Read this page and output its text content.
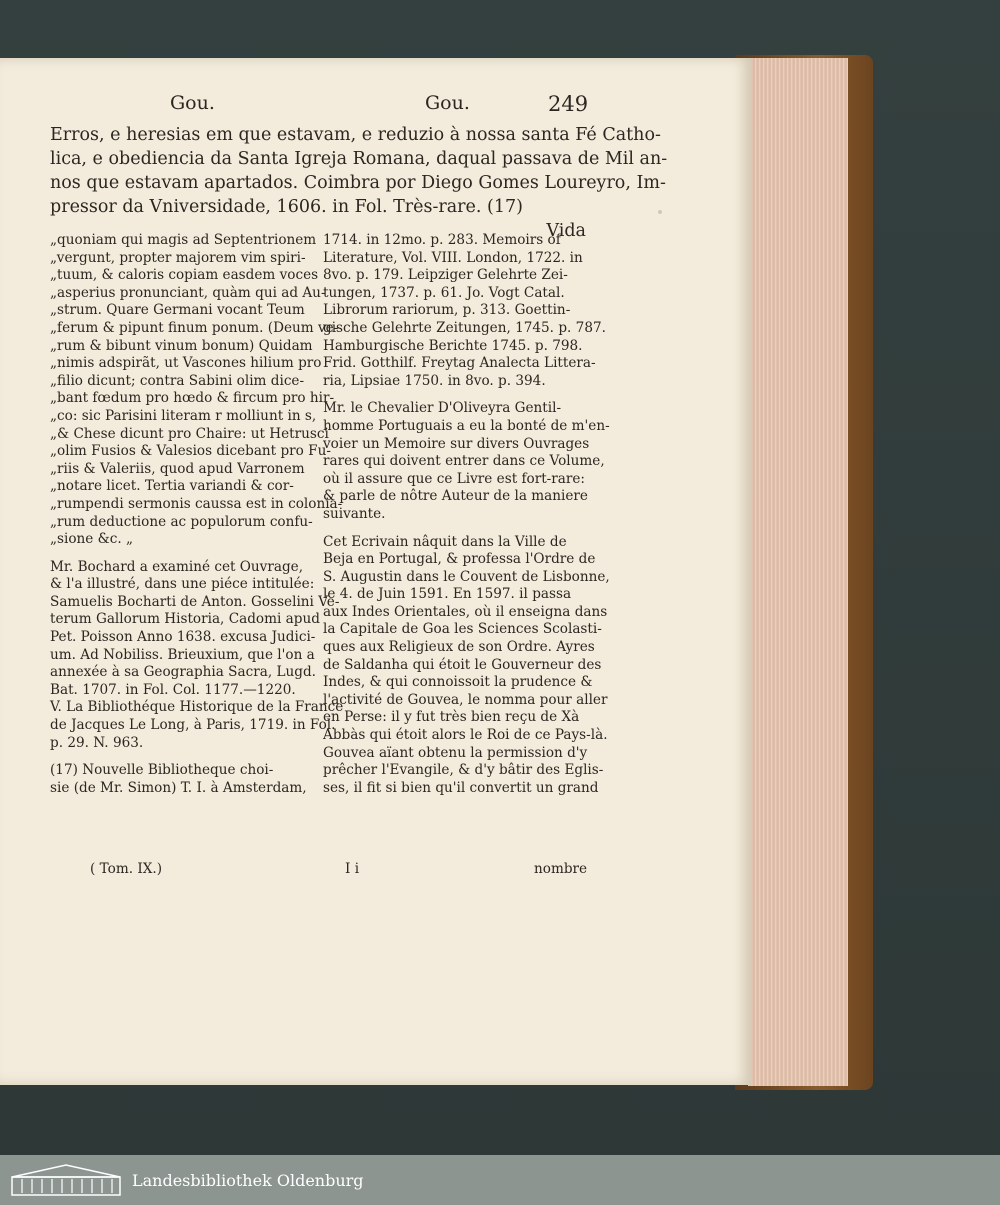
Gou.	Gou.	249
Erros, e heresias em que estavam, e reduzio à nossa santa Fé Catho-
lica, e obediencia da Santa Igreja Romana, daqual passava de Mil an-
nos que estavam apartados. Coimbra por Diego Gomes Loureyro, Im-
pressor da Vniversidade, 1606. in Fol. Très-rare. (17)
Vida
„quoniam qui magis ad Septentrionem
„vergunt, propter majorem vim spiri-
„tuum, & caloris copiam easdem voces
„asperius pronunciant, quàm qui ad Au-
„strum. Quare Germani vocant Teum
„ferum & pipunt finum ponum. (Deum ve-
„rum & bibunt vinum bonum) Quidam
„nimis adspirãt, ut Vascones hilium pro
„filio dicunt; contra Sabini olim dice-
„bant fœdum pro hœdo & fircum pro hir-
„co: sic Parisini literam r molliunt in s,
„& Chese dicunt pro Chaire: ut Hetrusci
„olim Fusios & Valesios dicebant pro Fu-
„riis & Valeriis, quod apud Varronem
„notare licet. Tertia variandi & cor-
„rumpendi sermonis caussa est in colonia-
„rum deductione ac populorum confu-
„sione &c. „
Mr. Bochard a examiné cet Ouvrage,
& l'a illustré, dans une piéce intitulée:
Samuelis Bocharti de Anton. Gosselini Ve-
terum Gallorum Historia, Cadomi apud
Pet. Poisson Anno 1638. excusa Judici-
um. Ad Nobiliss. Brieuxium, que l'on a
annexée à sa Geographia Sacra, Lugd.
Bat. 1707. in Fol. Col. 1177.—1220.
V. La Bibliothéque Historique de la France
de Jacques Le Long, à Paris, 1719. in Fol.
p. 29. N. 963.
(17) Nouvelle Bibliotheque choi-
sie (de Mr. Simon) T. I. à Amsterdam,
1714. in 12mo. p. 283. Memoirs of
Literature, Vol. VIII. London, 1722. in
8vo. p. 179. Leipziger Gelehrte Zei-
tungen, 1737. p. 61. Jo. Vogt Catal.
Librorum rariorum, p. 313. Goettin-
gische Gelehrte Zeitungen, 1745. p. 787.
Hamburgische Berichte 1745. p. 798.
Frid. Gotthilf. Freytag Analecta Littera-
ria, Lipsiae 1750. in 8vo. p. 394.
Mr. le Chevalier D'Oliveyra Gentil-
homme Portuguais a eu la bonté de m'en-
voier un Memoire sur divers Ouvrages
rares qui doivent entrer dans ce Volume,
où il assure que ce Livre est fort-rare:
& parle de nôtre Auteur de la maniere
suivante.
Cet Ecrivain nâquit dans la Ville de
Beja en Portugal, & professa l'Ordre de
S. Augustin dans le Couvent de Lisbonne,
le 4. de Juin 1591. En 1597. il passa
aux Indes Orientales, où il enseigna dans
la Capitale de Goa les Sciences Scolasti-
ques aux Religieux de son Ordre. Ayres
de Saldanha qui étoit le Gouverneur des
Indes, & qui connoissoit la prudence &
l'activité de Gouvea, le nomma pour aller
en Perse: il y fut très bien reçu de Xà
Abbàs qui étoit alors le Roi de ce Pays-là.
Gouvea aïant obtenu la permission d'y
prêcher l'Evangile, & d'y bâtir des Eglis-
ses, il fit si bien qu'il convertit un grand
( Tom. IX.)	I i	nombre
Landesbibliothek Oldenburg
